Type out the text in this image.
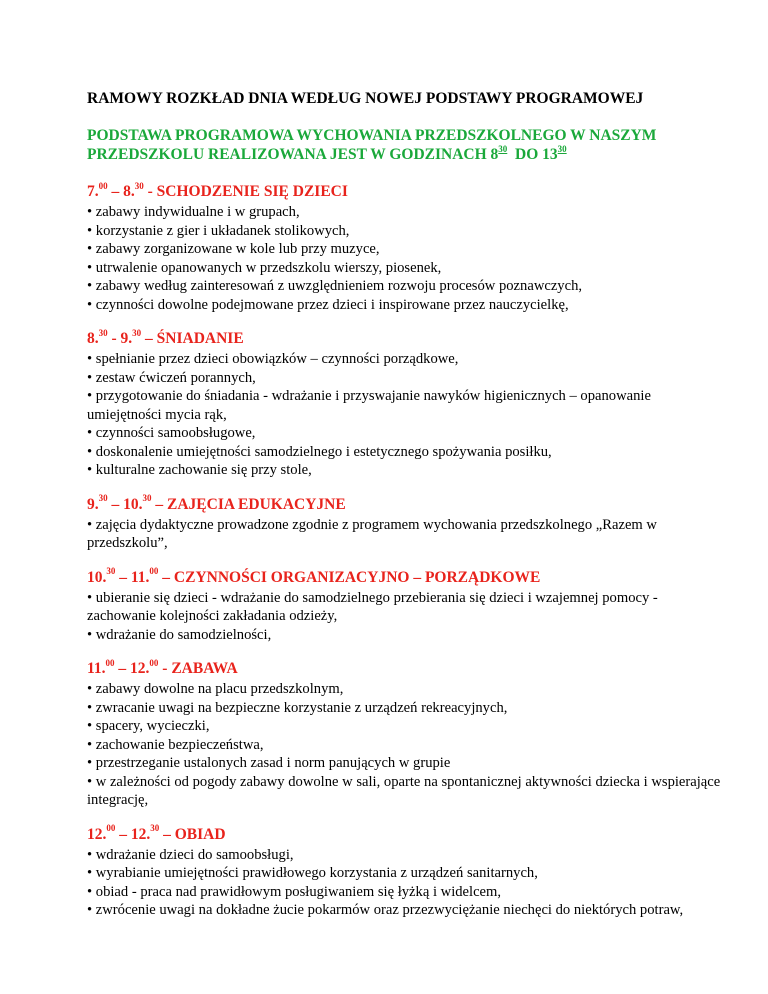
RAMOWY ROZKŁAD DNIA WEDŁUG NOWEJ PODSTAWY PROGRAMOWEJ
PODSTAWA PROGRAMOWA WYCHOWANIA PRZEDSZKOLNEGO W NASZYM
PRZEDSZKOLU REALIZOWANA JEST W GODZINACH $8^{30}$  DO $13^{30}$
7.00 – 8.30 - SCHODZENIE SIĘ DZIECI
• zabawy indywidualne i w grupach,
• korzystanie z gier i układanek stolikowych,
• zabawy zorganizowane w kole lub przy muzyce,
• utrwalenie opanowanych w przedszkolu wierszy, piosenek,
• zabawy według zainteresowań z uwzględnieniem rozwoju procesów poznawczych,
• czynności dowolne podejmowane przez dzieci i inspirowane przez nauczycielkę,
8.30 - 9.30 – ŚNIADANIE
• spełnianie przez dzieci obowiązków – czynności porządkowe,
• zestaw ćwiczeń porannych,
• przygotowanie do śniadania - wdrażanie i przyswajanie nawyków higienicznych – opanowanie umiejętności mycia rąk,
• czynności samoobsługowe,
• doskonalenie umiejętności samodzielnego i estetycznego spożywania posiłku,
• kulturalne zachowanie się przy stole,
9.30 – 10.30 – ZAJĘCIA EDUKACYJNE
• zajęcia dydaktyczne prowadzone zgodnie z programem wychowania przedszkolnego „Razem w przedszkolu”,
10.30 – 11.00 – CZYNNOŚCI ORGANIZACYJNO – PORZĄDKOWE
• ubieranie się dzieci - wdrażanie do samodzielnego przebierania się dzieci i wzajemnej pomocy - zachowanie kolejności zakładania odzieży,
• wdrażanie do samodzielności,
11.00 – 12.00 - ZABAWA
• zabawy dowolne na placu przedszkolnym,
• zwracanie uwagi na bezpieczne korzystanie z urządzeń rekreacyjnych,
• spacery, wycieczki,
• zachowanie bezpieczeństwa,
• przestrzeganie ustalonych zasad i norm panujących w grupie
• w zależności od pogody zabawy dowolne w sali, oparte na spontanicznej aktywności dziecka i wspierające integrację,
12.00 – 12.30 – OBIAD
• wdrażanie dzieci do samoobsługi,
• wyrabianie umiejętności prawidłowego korzystania z urządzeń sanitarnych,
• obiad - praca nad prawidłowym posługiwaniem się łyżką i widelcem,
• zwrócenie uwagi na dokładne żucie pokarmów oraz przezwyciężanie niechęci do niektórych potraw,
